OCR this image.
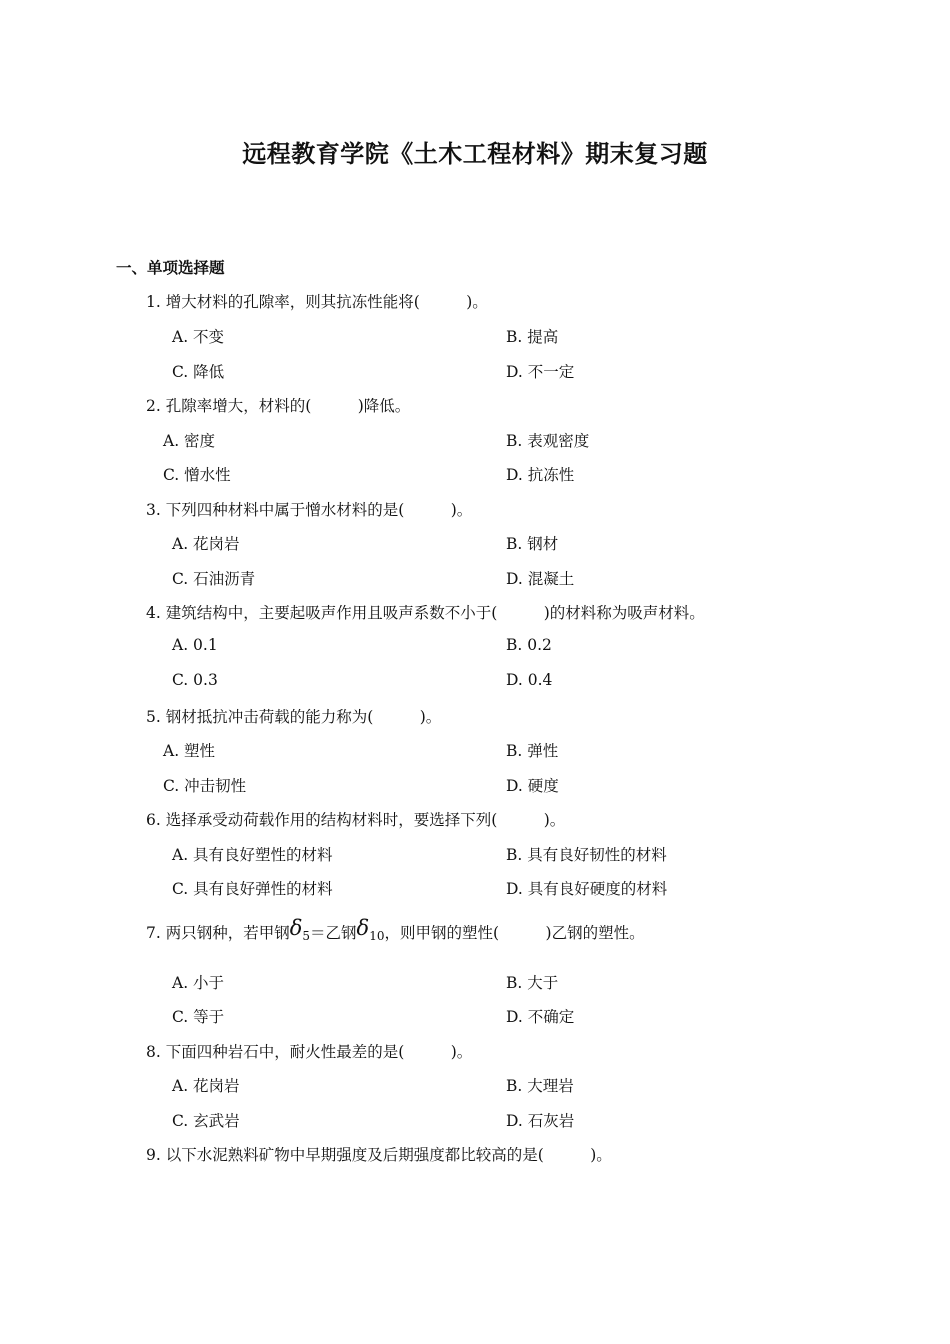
远程教育学院《土木工程材料》期末复习题
一、单项选择题
1. 增大材料的孔隙率，则其抗冻性能将(　　　)。
A. 不变	B. 提高
C. 降低	D. 不一定
2. 孔隙率增大，材料的(　　　)降低。
A. 密度	B. 表观密度
C. 憎水性	D. 抗冻性
3. 下列四种材料中属于憎水材料的是(　　　)。
A. 花岗岩	B. 钢材
C. 石油沥青	D. 混凝土
4. 建筑结构中，主要起吸声作用且吸声系数不小于(　　　)的材料称为吸声材料。
A. 0.1	B. 0.2
C. 0.3	D. 0.4
5. 钢材抵抗冲击荷载的能力称为(　　　)。
A. 塑性	B. 弹性
C. 冲击韧性	D. 硬度
6. 选择承受动荷载作用的结构材料时，要选择下列(　　　)。
A. 具有良好塑性的材料	B. 具有良好韧性的材料
C. 具有良好弹性的材料	D. 具有良好硬度的材料
7. 两只钢种，若甲钢$\delta_5=$乙钢$\delta_{10}$，则甲钢的塑性(　　　)乙钢的塑性。
A. 小于	B. 大于
C. 等于	D. 不确定
8. 下面四种岩石中，耐火性最差的是(　　　)。
A. 花岗岩	B. 大理岩
C. 玄武岩	D. 石灰岩
9. 以下水泥熟料矿物中早期强度及后期强度都比较高的是(　　　)。
